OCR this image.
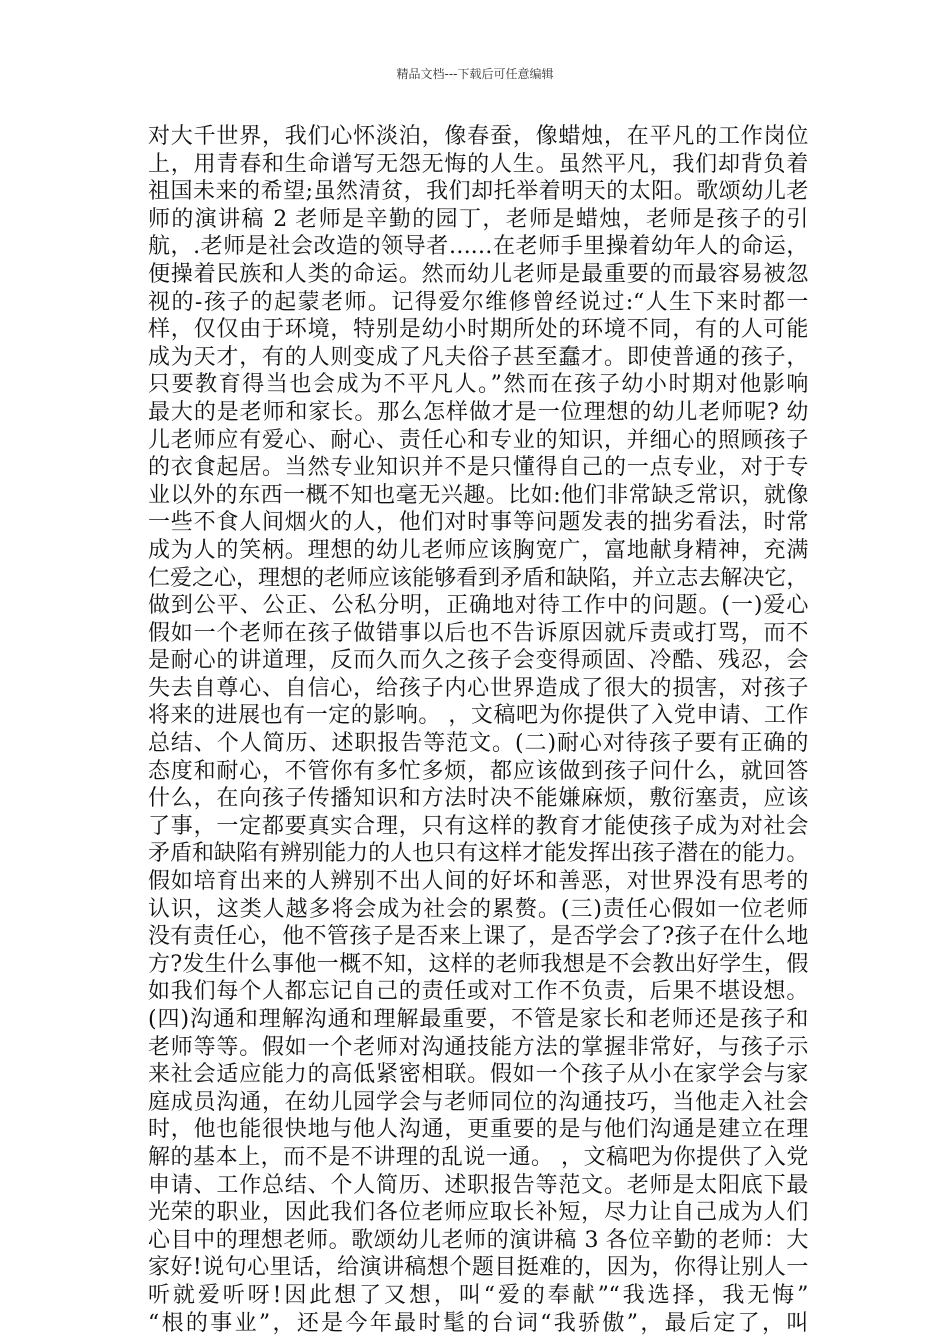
精品文档---下载后可任意编辑
对大千世界，我们心怀淡泊，像春蚕，像蜡烛，在平凡的工作岗位
上，用青春和生命谱写无怨无悔的人生。虽然平凡，我们却背负着
祖国未来的希望;虽然清贫，我们却托举着明天的太阳。歌颂幼儿老
师的演讲稿 2 老师是辛勤的园丁，老师是蜡烛，老师是孩子的引
航，.老师是社会改造的领导者……在老师手里操着幼年人的命运，
便操着民族和人类的命运。然而幼儿老师是最重要的而最容易被忽
视的-孩子的起蒙老师。记得爱尔维修曾经说过:“人生下来时都一
样，仅仅由于环境，特别是幼小时期所处的环境不同，有的人可能
成为天才，有的人则变成了凡夫俗子甚至蠢才。即使普通的孩子，
只要教育得当也会成为不平凡人。”然而在孩子幼小时期对他影响
最大的是老师和家长。那么怎样做才是一位理想的幼儿老师呢? 幼
儿老师应有爱心、耐心、责任心和专业的知识，并细心的照顾孩子
的衣食起居。当然专业知识并不是只懂得自己的一点专业，对于专
业以外的东西一概不知也毫无兴趣。比如:他们非常缺乏常识，就像
一些不食人间烟火的人，他们对时事等问题发表的拙劣看法，时常
成为人的笑柄。理想的幼儿老师应该胸宽广，富地献身精神，充满
仁爱之心，理想的老师应该能够看到矛盾和缺陷，并立志去解决它，
做到公平、公正、公私分明，正确地对待工作中的问题。(一)爱心
假如一个老师在孩子做错事以后也不告诉原因就斥责或打骂，而不
是耐心的讲道理，反而久而久之孩子会变得顽固、冷酷、残忍，会
失去自尊心、自信心，给孩子内心世界造成了很大的损害，对孩子
将来的进展也有一定的影响。 ，文稿吧为你提供了入党申请、工作
总结、个人简历、述职报告等范文。(二)耐心对待孩子要有正确的
态度和耐心，不管你有多忙多烦，都应该做到孩子问什么，就回答
什么，在向孩子传播知识和方法时决不能嫌麻烦，敷衍塞责，应该
了事，一定都要真实合理，只有这样的教育才能使孩子成为对社会
矛盾和缺陷有辨别能力的人也只有这样才能发挥出孩子潜在的能力。
假如培育出来的人辨别不出人间的好坏和善恶，对世界没有思考的
认识，这类人越多将会成为社会的累赘。(三)责任心假如一位老师
没有责任心，他不管孩子是否来上课了，是否学会了?孩子在什么地
方?发生什么事他一概不知，这样的老师我想是不会教出好学生，假
如我们每个人都忘记自己的责任或对工作不负责，后果不堪设想。
(四)沟通和理解沟通和理解最重要，不管是家长和老师还是孩子和
老师等等。假如一个老师对沟通技能方法的掌握非常好，与孩子示
来社会适应能力的高低紧密相联。假如一个孩子从小在家学会与家
庭成员沟通，在幼儿园学会与老师同位的沟通技巧，当他走入社会
时，他也能很快地与他人沟通，更重要的是与他们沟通是建立在理
解的基本上，而不是不讲理的乱说一通。 ，文稿吧为你提供了入党
申请、工作总结、个人简历、述职报告等范文。老师是太阳底下最
光荣的职业，因此我们各位老师应取长补短，尽力让自己成为人们
心目中的理想老师。歌颂幼儿老师的演讲稿 3 各位辛勤的老师：大
家好!说句心里话，给演讲稿想个题目挺难的，因为，你得让别人一
听就爱听呀!因此想了又想，叫“爱的奉献”“我选择，我无悔”
“根的事业”，还是今年最时髦的台词“我骄傲”，最后定了，叫
